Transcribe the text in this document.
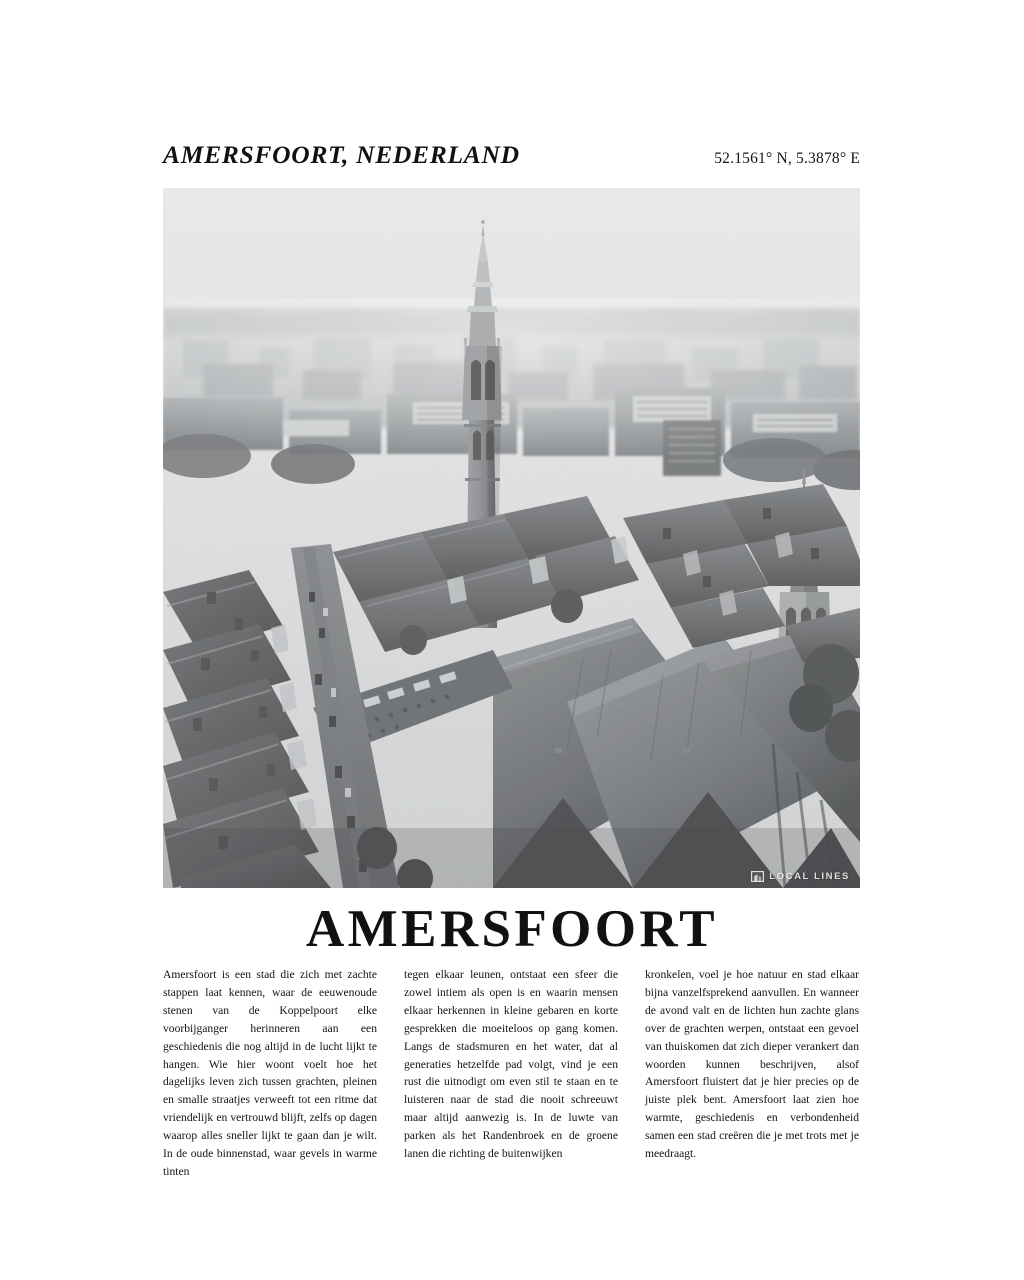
AMERSFOORT, NEDERLAND	52.1561° N, 5.3878° E
LOCAL LINES
AMERSFOORT
Amersfoort is een stad die zich met zachte stappen laat kennen, waar de eeuwenoude stenen van de Koppelpoort elke voorbijganger herinneren aan een geschiedenis die nog altijd in de lucht lijkt te hangen. Wie hier woont voelt hoe het dagelijks leven zich tussen grachten, pleinen en smalle straatjes verweeft tot een ritme dat vriendelijk en vertrouwd blijft, zelfs op dagen waarop alles sneller lijkt te gaan dan je wilt. In de oude binnenstad, waar gevels in warme tinten
tegen elkaar leunen, ontstaat een sfeer die zowel intiem als open is en waarin mensen elkaar herkennen in kleine gebaren en korte gesprekken die moeiteloos op gang komen. Langs de stadsmuren en het water, dat al generaties hetzelfde pad volgt, vind je een rust die uitnodigt om even stil te staan en te luisteren naar de stad die nooit schreeuwt maar altijd aanwezig is. In de luwte van parken als het Randenbroek en de groene lanen die richting de buitenwijken
kronkelen, voel je hoe natuur en stad elkaar bijna vanzelfsprekend aanvullen. En wanneer de avond valt en de lichten hun zachte glans over de grachten werpen, ontstaat een gevoel van thuiskomen dat zich dieper verankert dan woorden kunnen beschrijven, alsof Amersfoort fluistert dat je hier precies op de juiste plek bent. Amersfoort laat zien hoe warmte, geschiedenis en verbondenheid samen een stad creëren die je met trots met je meedraagt.
